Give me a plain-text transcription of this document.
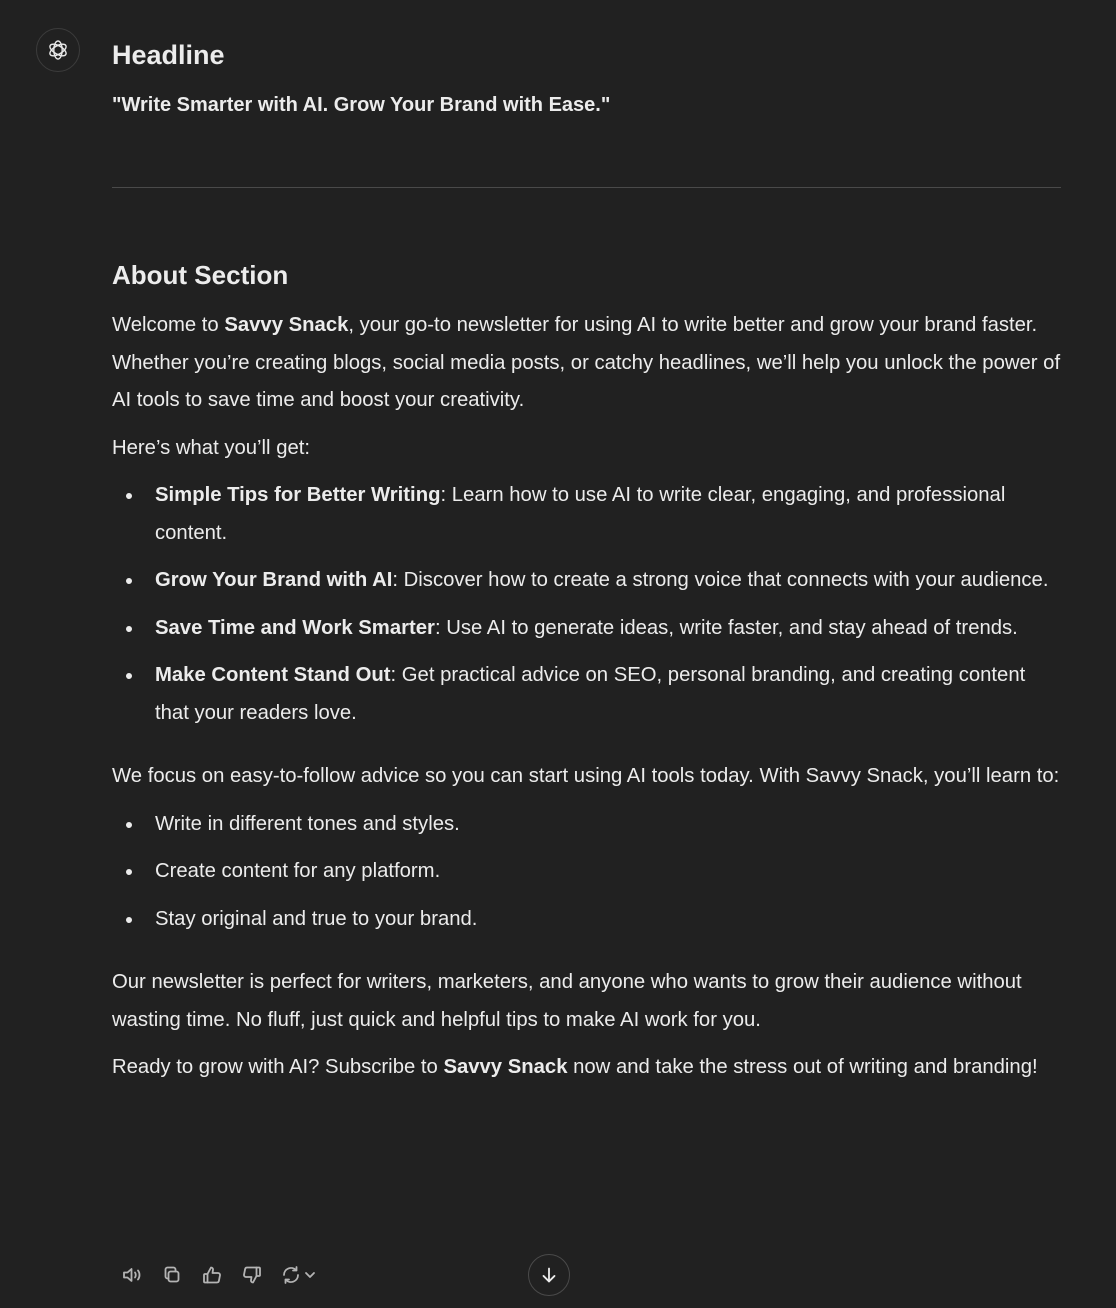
Headline

"Write Smarter with AI. Grow Your Brand with Ease."

About Section

Welcome to Savvy Snack, your go-to newsletter for using AI to write better and grow your brand faster. Whether you’re creating blogs, social media posts, or catchy headlines, we’ll help you unlock the power of AI tools to save time and boost your creativity.

Here’s what you’ll get:

Simple Tips for Better Writing: Learn how to use AI to write clear, engaging, and professional content.
Grow Your Brand with AI: Discover how to create a strong voice that connects with your audience.
Save Time and Work Smarter: Use AI to generate ideas, write faster, and stay ahead of trends.
Make Content Stand Out: Get practical advice on SEO, personal branding, and creating content that your readers love.

We focus on easy-to-follow advice so you can start using AI tools today. With Savvy Snack, you’ll learn to:

Write in different tones and styles.
Create content for any platform.
Stay original and true to your brand.

Our newsletter is perfect for writers, marketers, and anyone who wants to grow their audience without wasting time. No fluff, just quick and helpful tips to make AI work for you.

Ready to grow with AI? Subscribe to Savvy Snack now and take the stress out of writing and branding!
